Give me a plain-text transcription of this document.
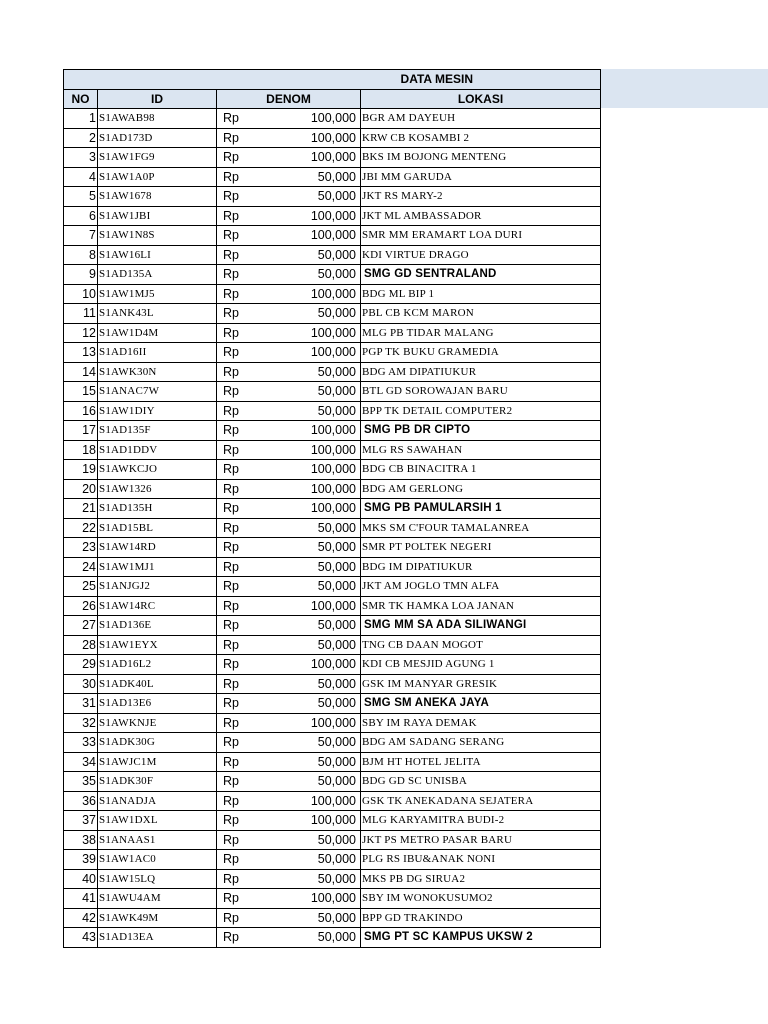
DATA MESIN			
NO	ID	DENOM	LOKASI
1	S1AWAB98	Rp 100,000	BGR AM DAYEUH
2	S1AD173D	Rp 100,000	KRW CB KOSAMBI 2
3	S1AW1FG9	Rp 100,000	BKS IM BOJONG MENTENG
4	S1AW1A0P	Rp 50,000	JBI MM GARUDA
5	S1AW1678	Rp 50,000	JKT RS MARY-2
6	S1AW1JBI	Rp 100,000	JKT ML AMBASSADOR
7	S1AW1N8S	Rp 100,000	SMR MM ERAMART LOA DURI
8	S1AW16LI	Rp 50,000	KDI VIRTUE DRAGO
9	S1AD135A	Rp 50,000	SMG GD SENTRALAND
10	S1AW1MJ5	Rp 100,000	BDG ML BIP 1
11	S1ANK43L	Rp 50,000	PBL CB KCM MARON
12	S1AW1D4M	Rp 100,000	MLG PB TIDAR MALANG
13	S1AD16II	Rp 100,000	PGP TK BUKU GRAMEDIA
14	S1AWK30N	Rp 50,000	BDG AM DIPATIUKUR
15	S1ANAC7W	Rp 50,000	BTL GD SOROWAJAN BARU
16	S1AW1DIY	Rp 50,000	BPP TK DETAIL COMPUTER2
17	S1AD135F	Rp 100,000	SMG PB DR CIPTO
18	S1AD1DDV	Rp 100,000	MLG RS SAWAHAN
19	S1AWKCJO	Rp 100,000	BDG CB BINACITRA 1
20	S1AW1326	Rp 100,000	BDG AM GERLONG
21	S1AD135H	Rp 100,000	SMG PB PAMULARSIH 1
22	S1AD15BL	Rp 50,000	MKS SM C'FOUR TAMALANREA
23	S1AW14RD	Rp 50,000	SMR PT POLTEK NEGERI
24	S1AW1MJ1	Rp 50,000	BDG IM DIPATIUKUR
25	S1ANJGJ2	Rp 50,000	JKT AM JOGLO TMN ALFA
26	S1AW14RC	Rp 100,000	SMR TK HAMKA LOA JANAN
27	S1AD136E	Rp 50,000	SMG MM SA ADA SILIWANGI
28	S1AW1EYX	Rp 50,000	TNG CB DAAN MOGOT
29	S1AD16L2	Rp 100,000	KDI CB MESJID AGUNG 1
30	S1ADK40L	Rp 50,000	GSK IM MANYAR GRESIK
31	S1AD13E6	Rp 50,000	SMG SM ANEKA JAYA
32	S1AWKNJE	Rp 100,000	SBY IM RAYA DEMAK
33	S1ADK30G	Rp 50,000	BDG AM SADANG SERANG
34	S1AWJC1M	Rp 50,000	BJM HT HOTEL JELITA
35	S1ADK30F	Rp 50,000	BDG GD SC UNISBA
36	S1ANADJA	Rp 100,000	GSK TK ANEKADANA SEJATERA
37	S1AW1DXL	Rp 100,000	MLG KARYAMITRA BUDI-2
38	S1ANAAS1	Rp 50,000	JKT PS METRO PASAR BARU
39	S1AW1AC0	Rp 50,000	PLG RS IBU&ANAK NONI
40	S1AW15LQ	Rp 50,000	MKS PB DG SIRUA2
41	S1AWU4AM	Rp 100,000	SBY IM WONOKUSUMO2
42	S1AWK49M	Rp 50,000	BPP GD TRAKINDO
43	S1AD13EA	Rp 50,000	SMG PT SC KAMPUS UKSW 2
